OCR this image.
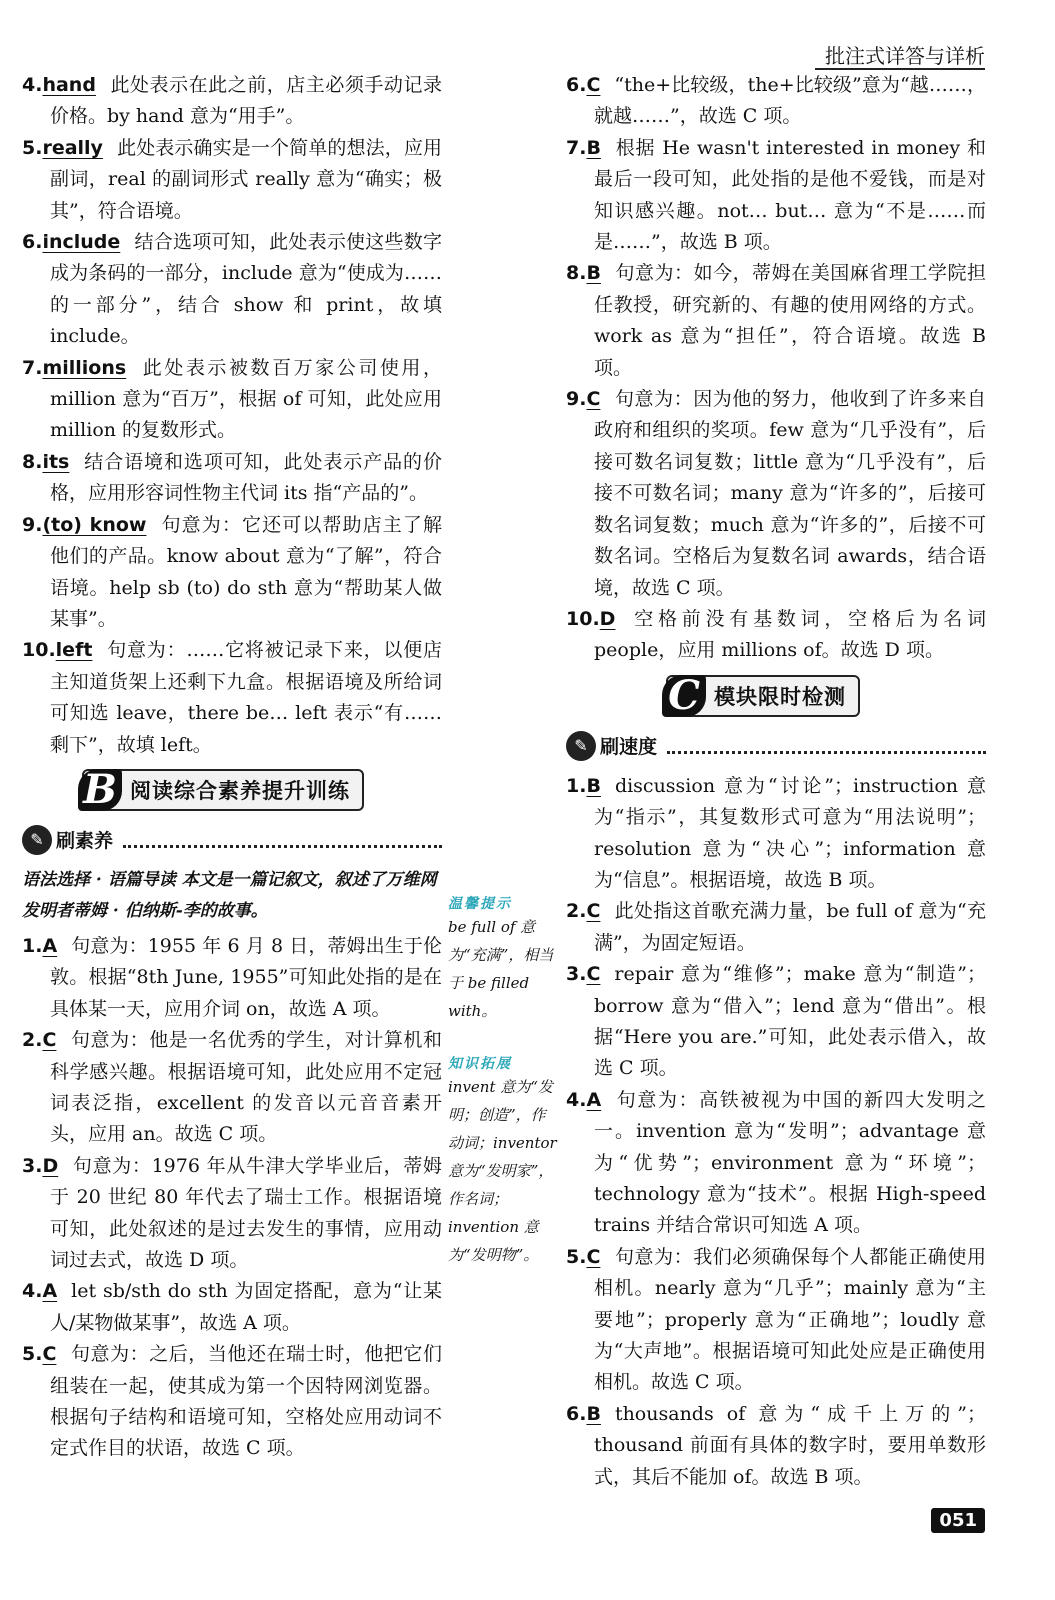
批注式详答与详析

4.hand 此处表示在此之前，店主必须手动记录价格。by hand 意为“用手”。

5.really 此处表示确实是一个简单的想法，应用副词，real 的副词形式 really 意为“确实；极其”，符合语境。

6.include 结合选项可知，此处表示使这些数字成为条码的一部分，include 意为“使成为……的一部分”，结合 show 和 print，故填 include。

7.millions 此处表示被数百万家公司使用，million 意为“百万”，根据 of 可知，此处应用 million 的复数形式。

8.its 结合语境和选项可知，此处表示产品的价格，应用形容词性物主代词 its 指“产品的”。

9.(to) know 句意为：它还可以帮助店主了解他们的产品。know about 意为“了解”，符合语境。help sb (to) do sth 意为“帮助某人做某事”。

10.left 句意为：……它将被记录下来，以便店主知道货架上还剩下九盒。根据语境及所给词可知选 leave，there be… left 表示“有……剩下”，故填 left。

B 阅读综合素养提升训练
✎ 刷素养

语法选择 · 语篇导读 本文是一篇记叙文，叙述了万维网发明者蒂姆 · 伯纳斯-李的故事。

1.A 句意为：1955 年 6 月 8 日，蒂姆出生于伦敦。根据“8th June, 1955”可知此处指的是在具体某一天，应用介词 on，故选 A 项。

2.C 句意为：他是一名优秀的学生，对计算机和科学感兴趣。根据语境可知，此处应用不定冠词表泛指，excellent 的发音以元音音素开头，应用 an。故选 C 项。

3.D 句意为：1976 年从牛津大学毕业后，蒂姆于 20 世纪 80 年代去了瑞士工作。根据语境可知，此处叙述的是过去发生的事情，应用动词过去式，故选 D 项。

4.A let sb/sth do sth 为固定搭配，意为“让某人/某物做某事”，故选 A 项。

5.C 句意为：之后，当他还在瑞士时，他把它们组装在一起，使其成为第一个因特网浏览器。根据句子结构和语境可知，空格处应用动词不定式作目的状语，故选 C 项。

温馨提示

be full of 意为“充满”，相当于 be filled with。

知识拓展

invent 意为“发明；创造”，作动词；inventor 意为“发明家”，作名词；invention 意为“发明物”。

6.C “the+比较级，the+比较级”意为“越……，就越……”，故选 C 项。

7.B 根据 He wasn't interested in money 和最后一段可知，此处指的是他不爱钱，而是对知识感兴趣。not… but… 意为“不是……而是……”，故选 B 项。

8.B 句意为：如今，蒂姆在美国麻省理工学院担任教授，研究新的、有趣的使用网络的方式。work as 意为“担任”，符合语境。故选 B 项。

9.C 句意为：因为他的努力，他收到了许多来自政府和组织的奖项。few 意为“几乎没有”，后接可数名词复数；little 意为“几乎没有”，后接不可数名词；many 意为“许多的”，后接可数名词复数；much 意为“许多的”，后接不可数名词。空格后为复数名词 awards，结合语境，故选 C 项。

10.D 空格前没有基数词，空格后为名词 people，应用 millions of。故选 D 项。

C 模块限时检测
✎ 刷速度

1.B discussion 意为“讨论”；instruction 意为“指示”，其复数形式可意为“用法说明”；resolution 意为“决心”；information 意为“信息”。根据语境，故选 B 项。

2.C 此处指这首歌充满力量，be full of 意为“充满”，为固定短语。

3.C repair 意为“维修”；make 意为“制造”；borrow 意为“借入”；lend 意为“借出”。根据“Here you are.”可知，此处表示借入，故选 C 项。

4.A 句意为：高铁被视为中国的新四大发明之一。invention 意为“发明”；advantage 意为“优势”；environment 意为“环境”；technology 意为“技术”。根据 High-speed trains 并结合常识可知选 A 项。

5.C 句意为：我们必须确保每个人都能正确使用相机。nearly 意为“几乎”；mainly 意为“主要地”；properly 意为“正确地”；loudly 意为“大声地”。根据语境可知此处应是正确使用相机。故选 C 项。

6.B thousands of 意为“成千上万的”；thousand 前面有具体的数字时，要用单数形式，其后不能加 of。故选 B 项。

051
